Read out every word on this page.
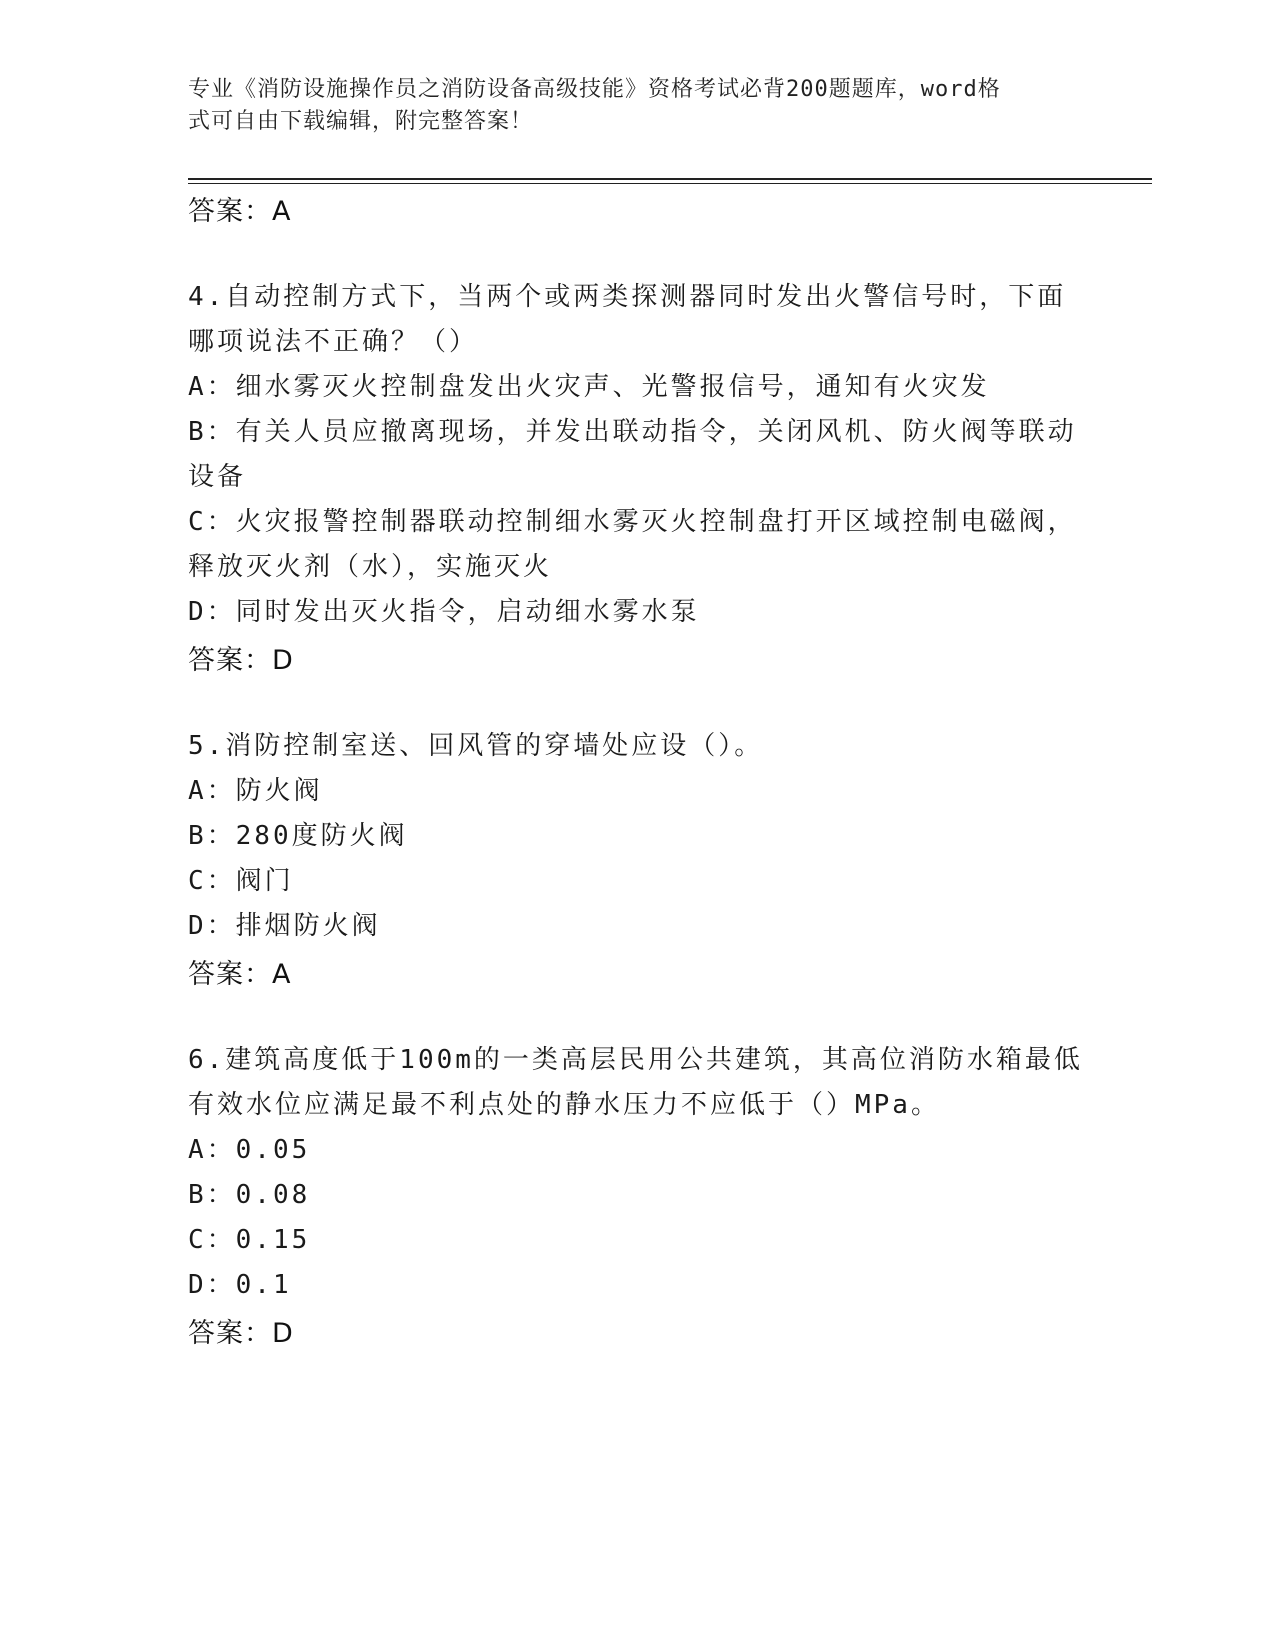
专业《消防设施操作员之消防设备高级技能》资格考试必背200题题库，word格
式可自由下载编辑，附完整答案！
答案：A
4.自动控制方式下，当两个或两类探测器同时发出火警信号时，下面
哪项说法不正确？（）
A：细水雾灭火控制盘发出火灾声、光警报信号，通知有火灾发
B：有关人员应撤离现场，并发出联动指令，关闭风机、防火阀等联动
设备
C：火灾报警控制器联动控制细水雾灭火控制盘打开区域控制电磁阀，
释放灭火剂（水），实施灭火
D：同时发出灭火指令，启动细水雾水泵
答案：D
5.消防控制室送、回风管的穿墙处应设（）。
A：防火阀
B：280度防火阀
C：阀门
D：排烟防火阀
答案：A
6.建筑高度低于100m的一类高层民用公共建筑，其高位消防水箱最低
有效水位应满足最不利点处的静水压力不应低于（）MPa。
A：0.05
B：0.08
C：0.15
D：0.1
答案：D
